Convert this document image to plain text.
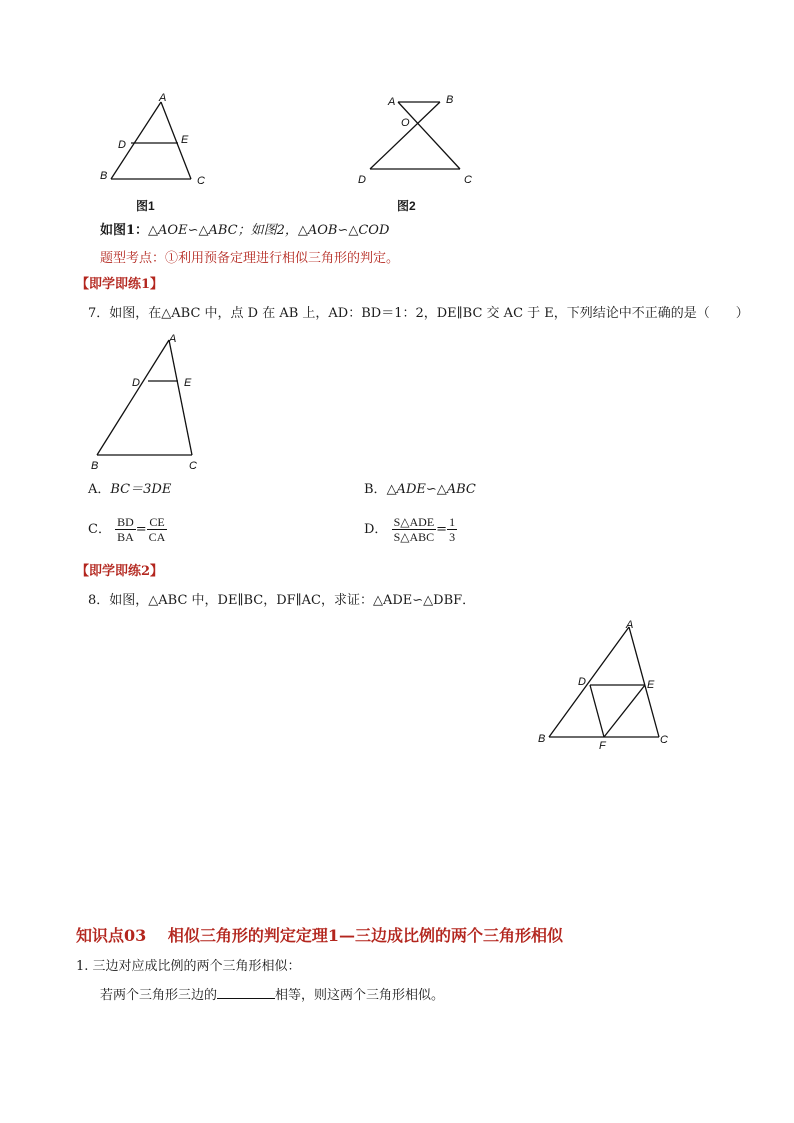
A
D	E
B	C
图1
A	B
O
D	C
图2
如图1：△AOE∽△ABC；如图2，△AOB∽△COD
题型考点：①利用预备定理进行相似三角形的判定。
【即学即练1】
7．如图，在△ABC 中，点 D 在 AB 上，AD：BD＝1：2，DE∥BC 交 AC 于 E，下列结论中不正确的是（　　）
A
D	E
B	C
A．BC＝3DE	B．△ADE∽△ABC
C． $\frac{BD}{BA} = \frac{CE}{CA}$	D． $\frac{\text{S△ADE}}{\text{S△ABC}} = \frac{1}{3}$
【即学即练2】
8．如图，△ABC 中，DE∥BC，DF∥AC，求证：△ADE∽△DBF．
A
D	E
B
F	C
知识点03　 相似三角形的判定定理1—三边成比例的两个三角形相似
1. 三边对应成比例的两个三角形相似：
若两个三角形三边的	相等，则这两个三角形相似。
